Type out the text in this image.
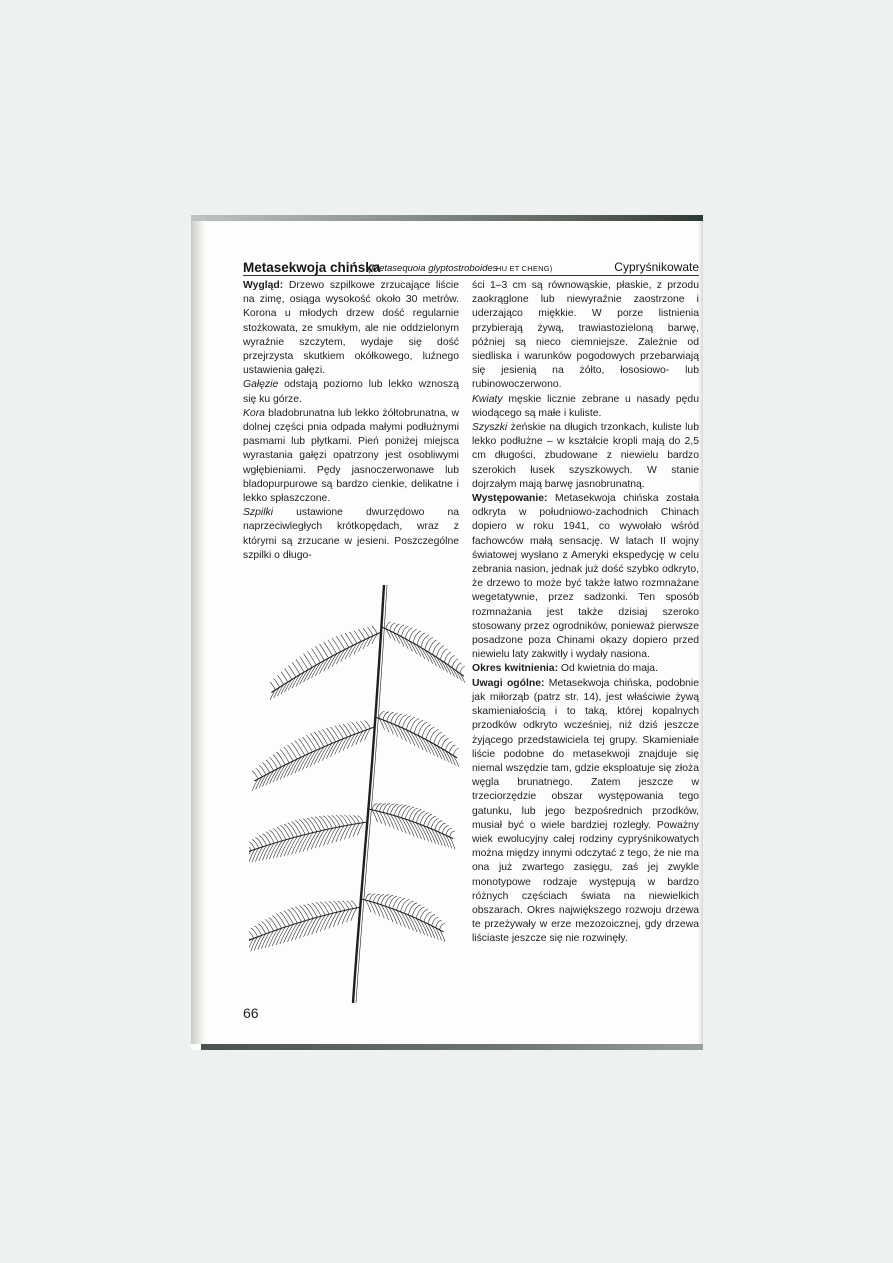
Metasekwoja chińska
(Metasequoia glyptostroboides
HU ET CHENG)	Cypryśnikowate

Wygląd: Drzewo szpilkowe zrzucające liście na zimę, osiąga wysokość około 30 metrów. Korona u młodych drzew dość regularnie stożkowata, ze smukłym, ale nie oddzielonym wyraźnie szczytem, wydaje się dość przejrzysta skutkiem okółkowego, luźnego ustawienia gałęzi.

Gałęzie odstają poziomo lub lekko wznoszą się ku górze.

Kora bladobrunatna lub lekko żółtobrunatna, w dolnej części pnia odpada małymi podłużnymi pasmami lub płytkami. Pień poniżej miejsca wyrastania gałęzi opatrzony jest osobliwymi wgłębieniami. Pędy jasnoczerwonawe lub bladopurpurowe są bardzo cienkie, delikatne i lekko spłaszczone.

Szpilki ustawione dwurzędowo na naprzeciwległych krótkopędach, wraz z którymi są zrzucane w jesieni. Poszczególne szpilki o długo-

ści 1–3 cm są równowąskie, płaskie, z przodu zaokrąglone lub niewyraźnie zaostrzone i uderzająco miękkie. W porze listnienia przybierają żywą, trawiastozieloną barwę, później są nieco ciemniejsze. Zależnie od siedliska i warunków pogodowych przebarwiają się jesienią na żółto, łososiowo- lub rubinowoczerwono.

Kwiaty męskie licznie zebrane u nasady pędu wiodącego są małe i kuliste.

Szyszki żeńskie na długich trzonkach, kuliste lub lekko podłużne – w kształcie kropli mają do 2,5 cm długości, zbudowane z niewielu bardzo szerokich łusek szyszkowych. W stanie dojrzałym mają barwę jasnobrunatną.

Występowanie: Metasekwoja chińska została odkryta w południowo-zachodnich Chinach dopiero w roku 1941, co wywołało wśród fachowców małą sensację. W latach II wojny światowej wysłano z Ameryki ekspedycję w celu zebrania nasion, jednak już dość szybko odkryto, że drzewo to może być także łatwo rozmnażane wegetatywnie, przez sadzonki. Ten sposób rozmnażania jest także dzisiaj szeroko stosowany przez ogrodników, ponieważ pierwsze posadzone poza Chinami okazy dopiero przed niewielu laty zakwitły i wydały nasiona.

Okres kwitnienia: Od kwietnia do maja.

Uwagi ogólne: Metasekwoja chińska, podobnie jak miłorząb (patrz str. 14), jest właściwie żywą skamieniałością i to taką, której kopalnych przodków odkryto wcześniej, niż dziś jeszcze żyjącego przedstawiciela tej grupy. Skamieniałe liście podobne do metasekwoji znajduje się niemal wszędzie tam, gdzie eksploatuje się złoża węgla brunatnego. Zatem jeszcze w trzeciorzędzie obszar występowania tego gatunku, lub jego bezpośrednich przodków, musiał być o wiele bardziej rozległy. Poważny wiek ewolucyjny całej rodziny cypryśnikowatych można między innymi odczytać z tego, że nie ma ona już zwartego zasięgu, zaś jej zwykle monotypowe rodzaje występują w bardzo różnych częściach świata na niewielkich obszarach. Okres największego rozwoju drzewa te przeżywały w erze mezozoicznej, gdy drzewa liściaste jeszcze się nie rozwinęły.

66
